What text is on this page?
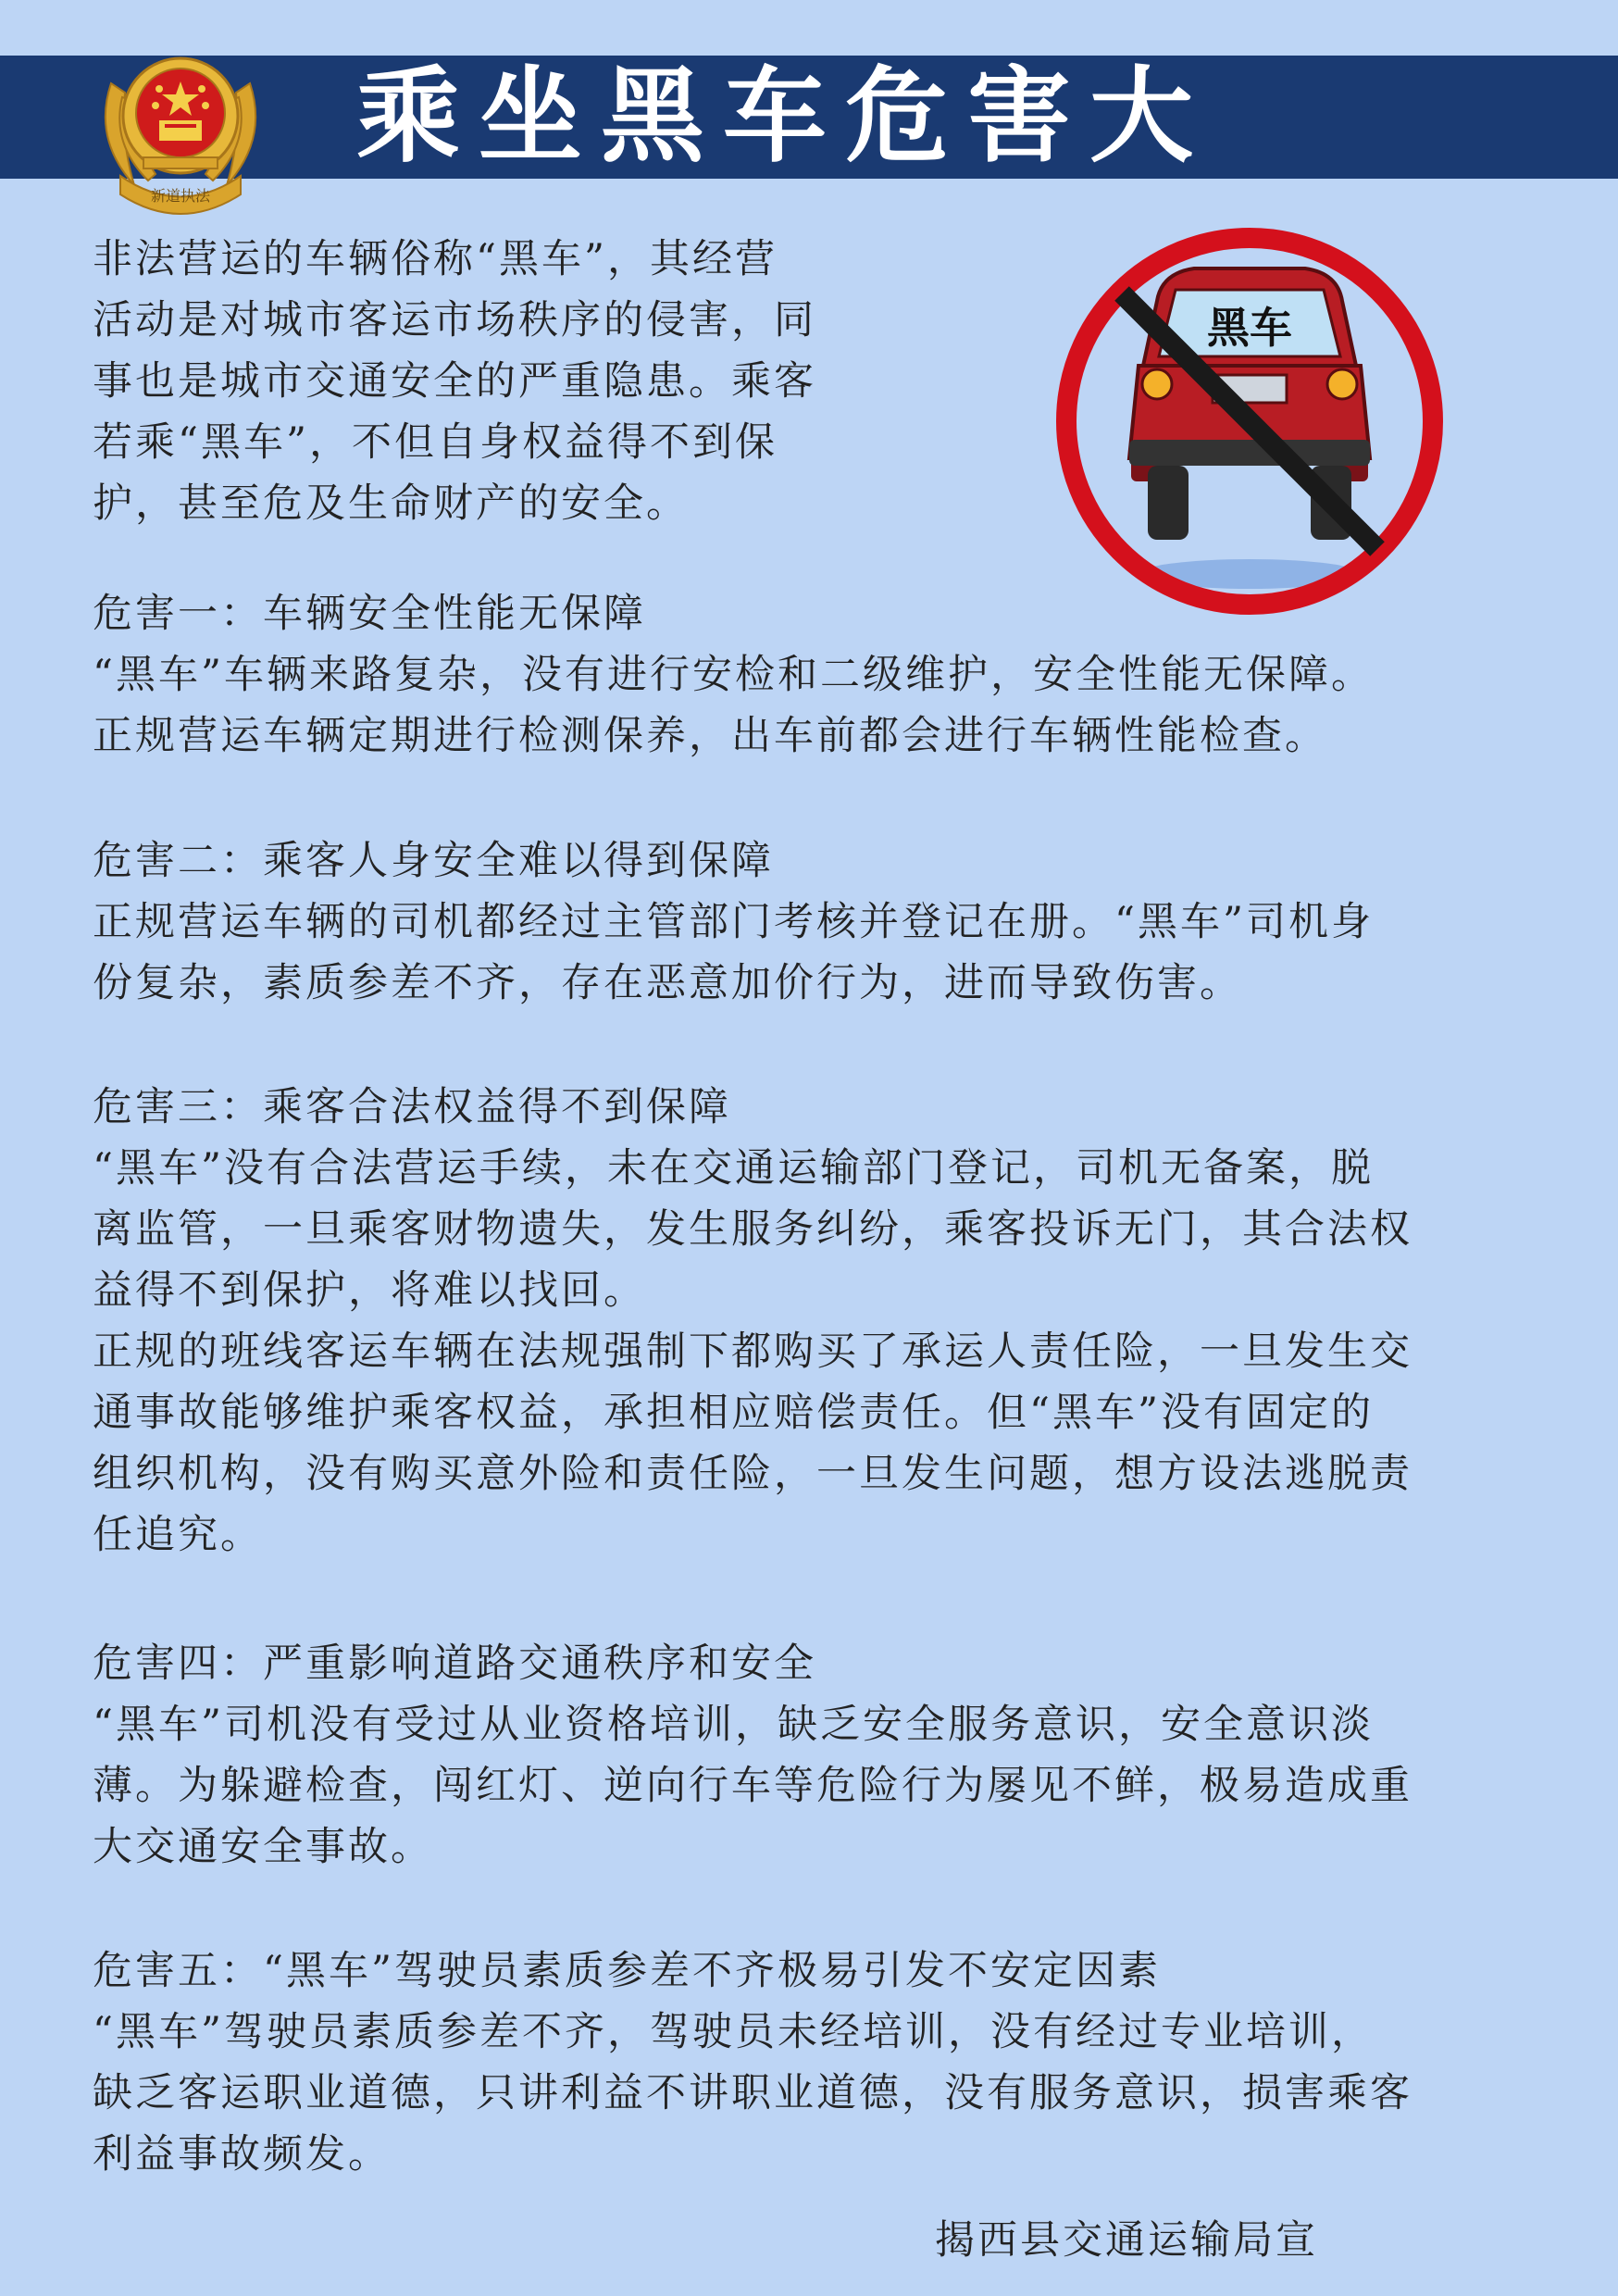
新道执法
乘坐黑车危害大
黑车
非法营运的车辆俗称“黑车”，其经营
活动是对城市客运市场秩序的侵害，同
事也是城市交通安全的严重隐患。乘客
若乘“黑车”，不但自身权益得不到保
护，甚至危及生命财产的安全。
危害一：车辆安全性能无保障
“黑车”车辆来路复杂，没有进行安检和二级维护，安全性能无保障。
正规营运车辆定期进行检测保养，出车前都会进行车辆性能检查。
危害二：乘客人身安全难以得到保障
正规营运车辆的司机都经过主管部门考核并登记在册。“黑车”司机身
份复杂，素质参差不齐，存在恶意加价行为，进而导致伤害。
危害三：乘客合法权益得不到保障
“黑车”没有合法营运手续，未在交通运输部门登记，司机无备案，脱
离监管，一旦乘客财物遗失，发生服务纠纷，乘客投诉无门，其合法权
益得不到保护，将难以找回。
正规的班线客运车辆在法规强制下都购买了承运人责任险，一旦发生交
通事故能够维护乘客权益，承担相应赔偿责任。但“黑车”没有固定的
组织机构，没有购买意外险和责任险，一旦发生问题，想方设法逃脱责
任追究。
危害四：严重影响道路交通秩序和安全
“黑车”司机没有受过从业资格培训，缺乏安全服务意识，安全意识淡
薄。为躲避检查，闯红灯、逆向行车等危险行为屡见不鲜，极易造成重
大交通安全事故。
危害五：“黑车”驾驶员素质参差不齐极易引发不安定因素
“黑车”驾驶员素质参差不齐，驾驶员未经培训，没有经过专业培训，
缺乏客运职业道德，只讲利益不讲职业道德，没有服务意识，损害乘客
利益事故频发。
揭西县交通运输局宣
